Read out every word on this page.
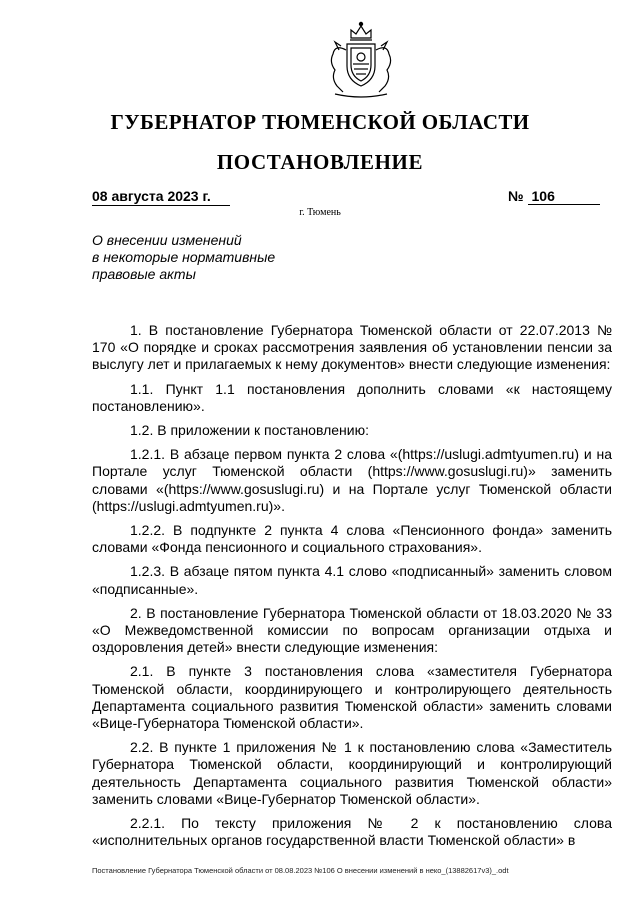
ГУБЕРНАТОР ТЮМЕНСКОЙ ОБЛАСТИ
ПОСТАНОВЛЕНИЕ
08 августа 2023 г.	№ 106
г. Тюмень
О внесении изменений
в некоторые нормативные
правовые акты

1. В постановление Губернатора Тюменской области от 22.07.2013 № 170 «О порядке и сроках рассмотрения заявления об установлении пенсии за выслугу лет и прилагаемых к нему документов» внести следующие изменения:

1.1. Пункт 1.1 постановления дополнить словами «к настоящему постановлению».

1.2. В приложении к постановлению:

1.2.1. В абзаце первом пункта 2 слова «(https://uslugi.admtyumen.ru) и на Портале услуг Тюменской области (https://www.gosuslugi.ru)» заменить словами «(https://www.gosuslugi.ru) и на Портале услуг Тюменской области (https://uslugi.admtyumen.ru)».

1.2.2. В подпункте 2 пункта 4 слова «Пенсионного фонда» заменить словами «Фонда пенсионного и социального страхования».

1.2.3. В абзаце пятом пункта 4.1 слово «подписанный» заменить словом «подписанные».

2. В постановление Губернатора Тюменской области от 18.03.2020 № 33 «О Межведомственной комиссии по вопросам организации отдыха и оздоровления детей» внести следующие изменения:

2.1. В пункте 3 постановления слова «заместителя Губернатора Тюменской области, координирующего и контролирующего деятельность Департамента социального развития Тюменской области» заменить словами «Вице-Губернатора Тюменской области».

2.2. В пункте 1 приложения № 1 к постановлению слова «Заместитель Губернатора Тюменской области, координирующий и контролирующий деятельность Департамента социального развития Тюменской области» заменить словами «Вице-Губернатор Тюменской области».

2.2.1. По тексту приложения № 2 к постановлению слова «исполнительных органов государственной власти Тюменской области» в

Постановление Губернатора Тюменской области от 08.08.2023 №106 О внесении изменений в неко_(13882617v3)_.odt
